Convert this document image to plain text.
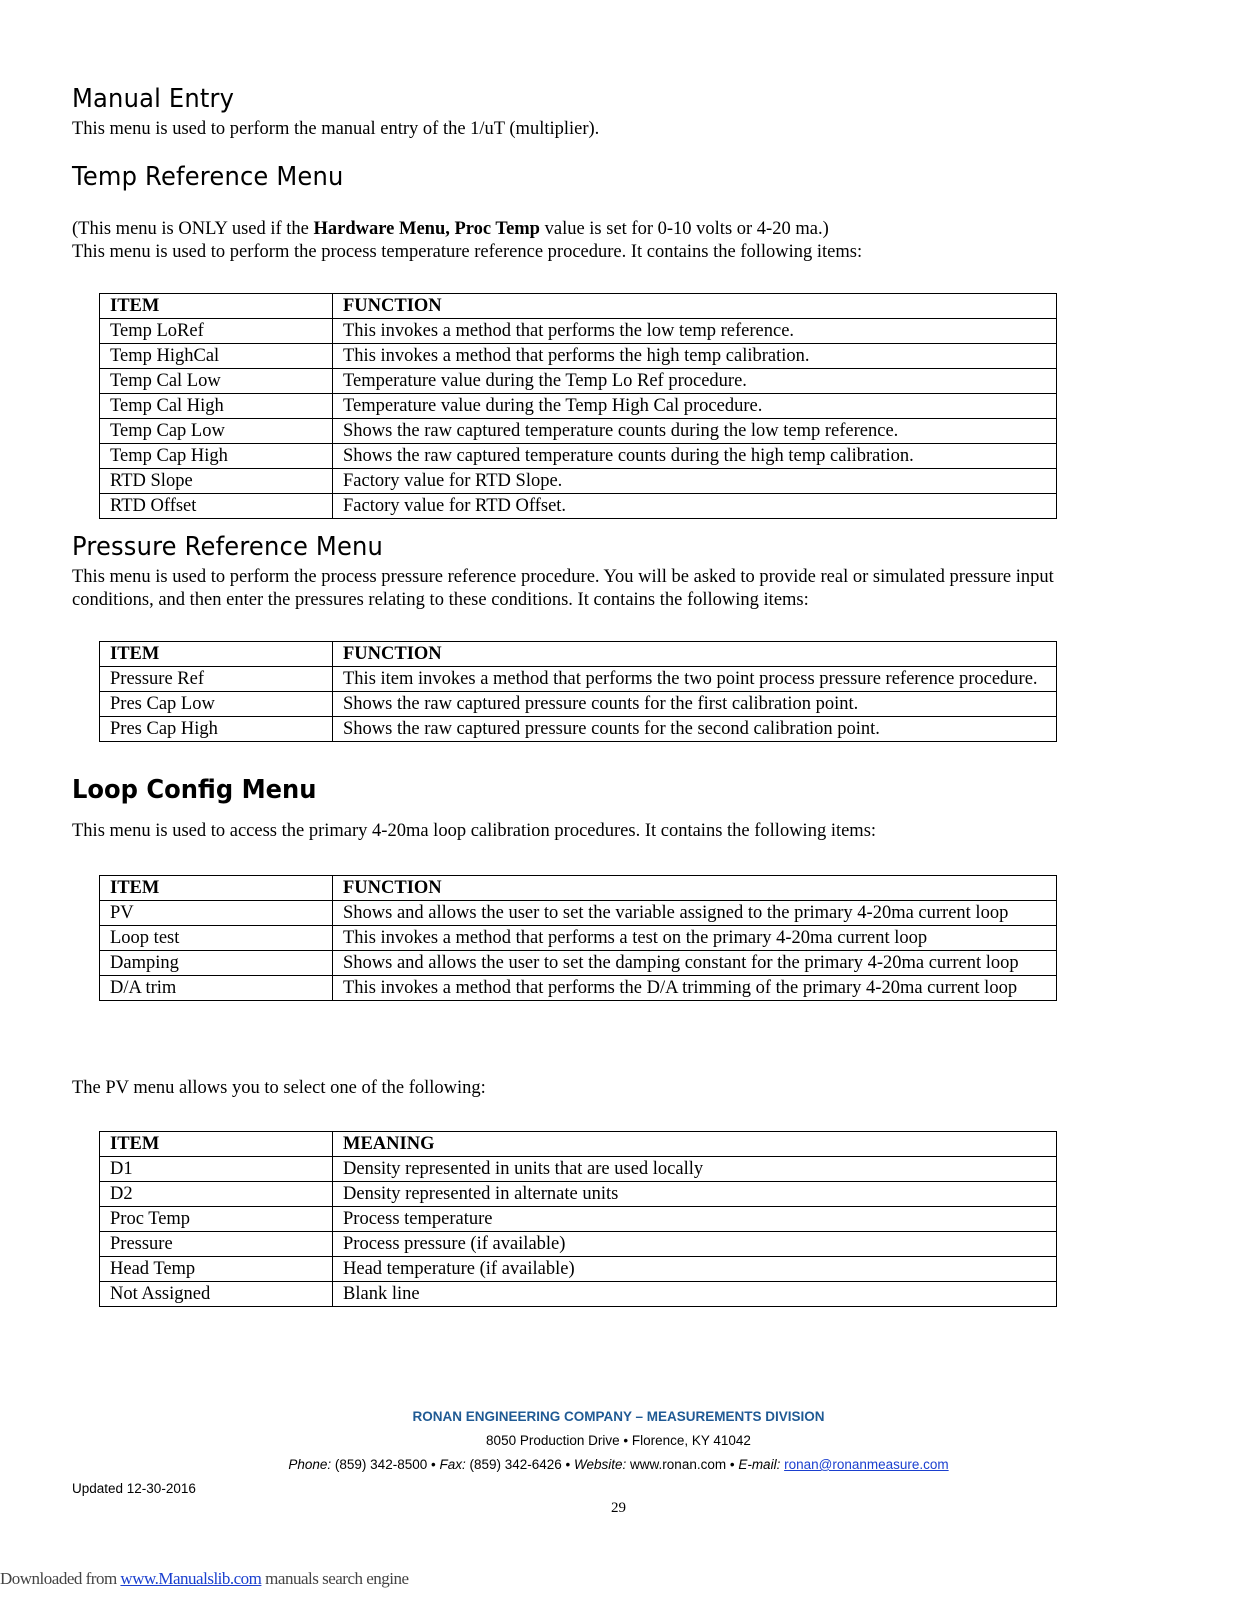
Manual Entry

This menu is used to perform the manual entry of the 1/uT (multiplier).

Temp Reference Menu

(This menu is ONLY used if the Hardware Menu, Proc Temp value is set for 0-10 volts or 4-20 ma.)

This menu is used to perform the process temperature reference procedure. It contains the following items:

ITEM	FUNCTION
Temp LoRef	This invokes a method that performs the low temp reference.
Temp HighCal	This invokes a method that performs the high temp calibration.
Temp Cal Low	Temperature value during the Temp Lo Ref procedure.
Temp Cal High	Temperature value during the Temp High Cal procedure.
Temp Cap Low	Shows the raw captured temperature counts during the low temp reference.
Temp Cap High	Shows the raw captured temperature counts during the high temp calibration.
RTD Slope	Factory value for RTD Slope.
RTD Offset	Factory value for RTD Offset.
Pressure Reference Menu

This menu is used to perform the process pressure reference procedure. You will be asked to provide real or simulated pressure input

conditions, and then enter the pressures relating to these conditions. It contains the following items:

ITEM	FUNCTION
Pressure Ref	This item invokes a method that performs the two point process pressure reference procedure.
Pres Cap Low	Shows the raw captured pressure counts for the first calibration point.
Pres Cap High	Shows the raw captured pressure counts for the second calibration point.
Loop Config Menu

This menu is used to access the primary 4-20ma loop calibration procedures. It contains the following items:

ITEM	FUNCTION
PV	Shows and allows the user to set the variable assigned to the primary 4-20ma current loop
Loop test	This invokes a method that performs a test on the primary 4-20ma current loop
Damping	Shows and allows the user to set the damping constant for the primary 4-20ma current loop
D/A trim	This invokes a method that performs the D/A trimming of the primary 4-20ma current loop

The PV menu allows you to select one of the following:

ITEM	MEANING
D1	Density represented in units that are used locally
D2	Density represented in alternate units
Proc Temp	Process temperature
Pressure	Process pressure (if available)
Head Temp	Head temperature (if available)
Not Assigned	Blank line
RONAN ENGINEERING COMPANY – MEASUREMENTS DIVISION
8050 Production Drive • Florence, KY 41042
Phone: (859) 342-8500 • Fax: (859) 342-6426 • Website: www.ronan.com • E-mail: ronan@ronanmeasure.com
Updated 12-30-2016
29
Downloaded from www.Manualslib.com manuals search engine
